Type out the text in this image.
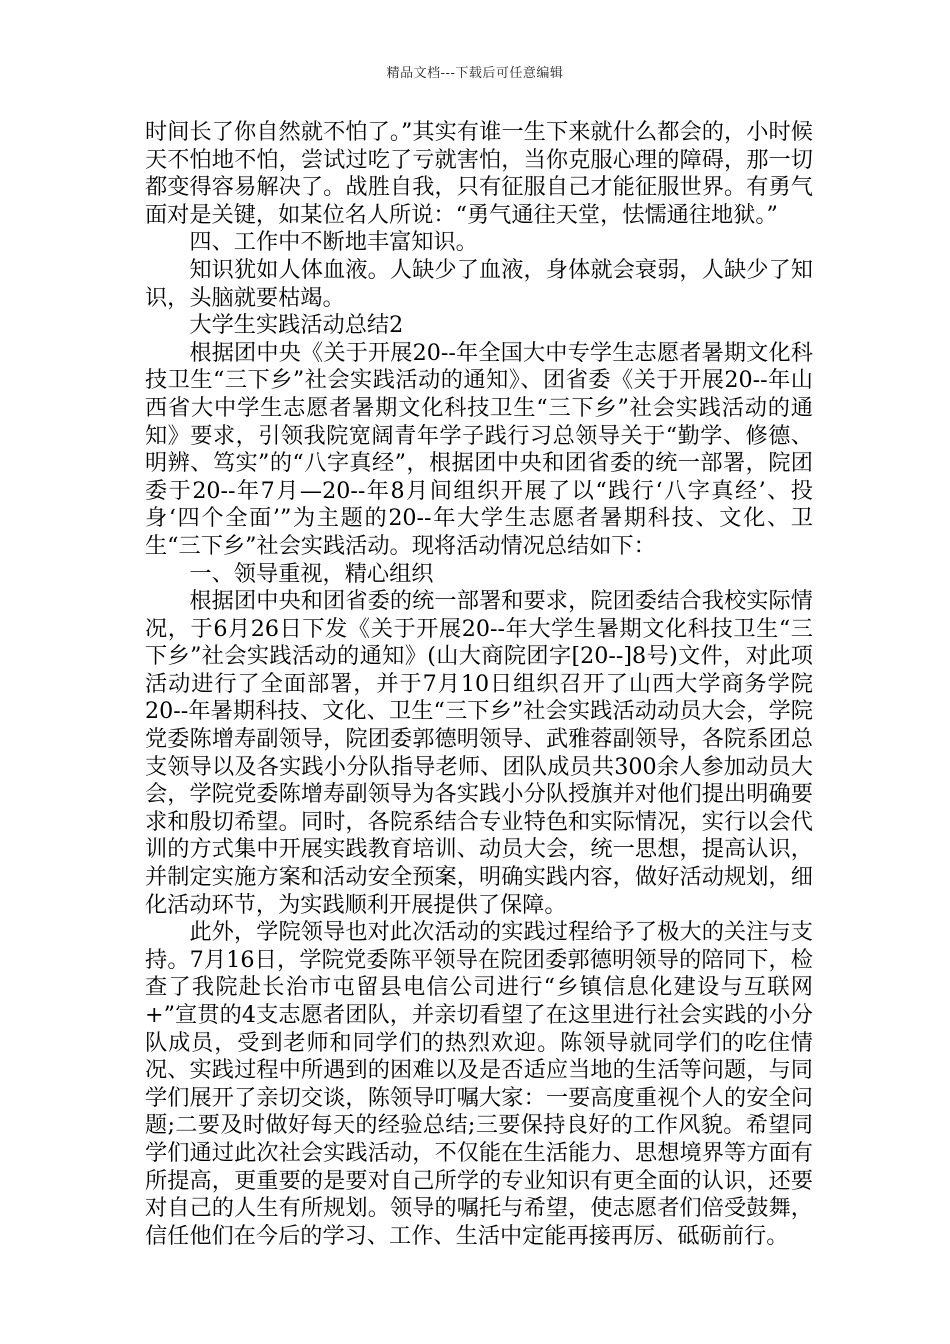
精品文档---下载后可任意编辑

时间长了你自然就不怕了。”其实有谁一生下来就什么都会的，小时候天不怕地不怕，尝试过吃了亏就害怕，当你克服心理的障碍，那一切都变得容易解决了。战胜自我，只有征服自己才能征服世界。有勇气面对是关键，如某位名人所说：“勇气通往天堂，怯懦通往地狱。”

四、工作中不断地丰富知识。

知识犹如人体血液。人缺少了血液，身体就会衰弱，人缺少了知识，头脑就要枯竭。

大学生实践活动总结2

根据团中央《关于开展20--年全国大中专学生志愿者暑期文化科技卫生“三下乡”社会实践活动的通知》、团省委《关于开展20--年山西省大中学生志愿者暑期文化科技卫生“三下乡”社会实践活动的通知》要求，引领我院宽阔青年学子践行习总领导关于“勤学、修德、明辨、笃实”的“八字真经”，根据团中央和团省委的统一部署，院团委于20--年7月—20--年8月间组织开展了以“践行‘八字真经’、投身‘四个全面’”为主题的20--年大学生志愿者暑期科技、文化、卫生“三下乡”社会实践活动。现将活动情况总结如下：

一、领导重视，精心组织

根据团中央和团省委的统一部署和要求，院团委结合我校实际情况，于6月26日下发《关于开展20--年大学生暑期文化科技卫生“三下乡”社会实践活动的通知》(山大商院团字[20--]8号)文件，对此项活动进行了全面部署，并于7月10日组织召开了山西大学商务学院20--年暑期科技、文化、卫生“三下乡”社会实践活动动员大会，学院党委陈增寿副领导，院团委郭德明领导、武雅蓉副领导，各院系团总支领导以及各实践小分队指导老师、团队成员共300余人参加动员大会，学院党委陈增寿副领导为各实践小分队授旗并对他们提出明确要求和殷切希望。同时，各院系结合专业特色和实际情况，实行以会代训的方式集中开展实践教育培训、动员大会，统一思想，提高认识，并制定实施方案和活动安全预案，明确实践内容，做好活动规划，细化活动环节，为实践顺利开展提供了保障。

此外，学院领导也对此次活动的实践过程给予了极大的关注与支持。7月16日，学院党委陈平领导在院团委郭德明领导的陪同下，检查了我院赴长治市屯留县电信公司进行“乡镇信息化建设与互联网+”宣贯的4支志愿者团队，并亲切看望了在这里进行社会实践的小分队成员，受到老师和同学们的热烈欢迎。陈领导就同学们的吃住情况、实践过程中所遇到的困难以及是否适应当地的生活等问题，与同学们展开了亲切交谈，陈领导叮嘱大家：一要高度重视个人的安全问题;二要及时做好每天的经验总结;三要保持良好的工作风貌。希望同学们通过此次社会实践活动，不仅能在生活能力、思想境界等方面有所提高，更重要的是要对自己所学的专业知识有更全面的认识，还要对自己的人生有所规划。领导的嘱托与希望，使志愿者们倍受鼓舞，信任他们在今后的学习、工作、生活中定能再接再厉、砥砺前行。
